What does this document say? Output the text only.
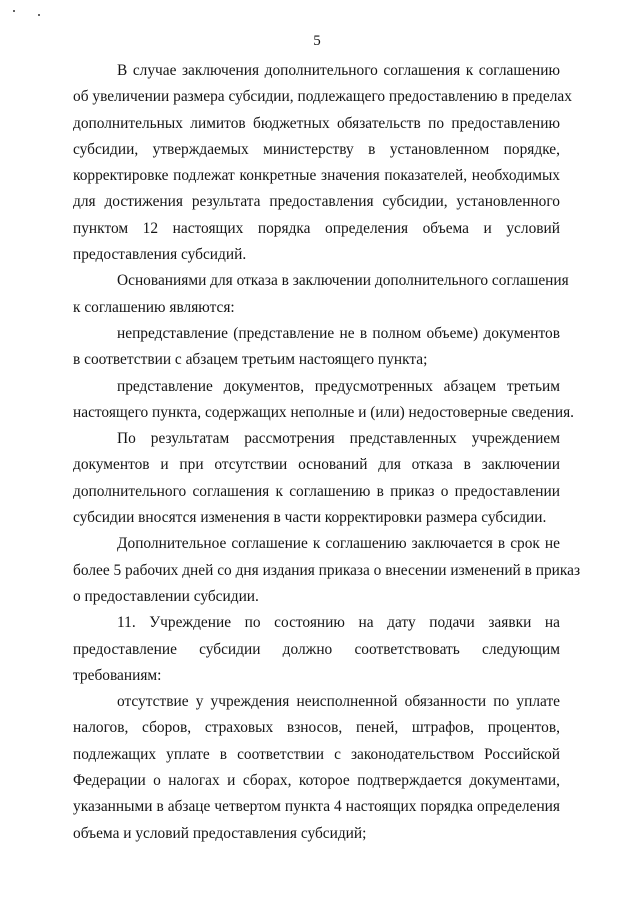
5
В случае заключения дополнительного соглашения к соглашению
об увеличении размера субсидии, подлежащего предоставлению в пределах
дополнительных лимитов бюджетных обязательств по предоставлению
субсидии, утверждаемых министерству в установленном порядке,
корректировке подлежат конкретные значения показателей, необходимых
для достижения результата предоставления субсидии, установленного
пунктом 12 настоящих порядка определения объема и условий
предоставления субсидий.
Основаниями для отказа в заключении дополнительного соглашения
к соглашению являются:
непредставление (представление не в полном объеме) документов
в соответствии с абзацем третьим настоящего пункта;
представление документов, предусмотренных абзацем третьим
настоящего пункта, содержащих неполные и (или) недостоверные сведения.
По результатам рассмотрения представленных учреждением
документов и при отсутствии оснований для отказа в заключении
дополнительного соглашения к соглашению в приказ о предоставлении
субсидии вносятся изменения в части корректировки размера субсидии.
Дополнительное соглашение к соглашению заключается в срок не
более 5 рабочих дней со дня издания приказа о внесении изменений в приказ
о предоставлении субсидии.
11. Учреждение по состоянию на дату подачи заявки на
предоставление субсидии должно соответствовать следующим
требованиям:
отсутствие у учреждения неисполненной обязанности по уплате
налогов, сборов, страховых взносов, пеней, штрафов, процентов,
подлежащих уплате в соответствии с законодательством Российской
Федерации о налогах и сборах, которое подтверждается документами,
указанными в абзаце четвертом пункта 4 настоящих порядка определения
объема и условий предоставления субсидий;
